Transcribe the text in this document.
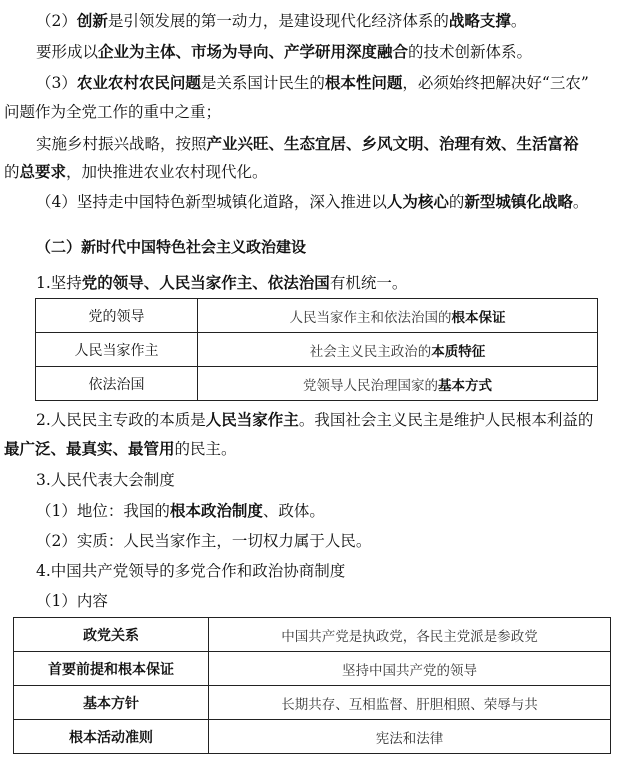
（2）创新是引领发展的第一动力，是建设现代化经济体系的战略支撑。
要形成以企业为主体、市场为导向、产学研用深度融合的技术创新体系。
（3）农业农村农民问题是关系国计民生的根本性问题，必须始终把解决好“三农”
问题作为全党工作的重中之重；
实施乡村振兴战略，按照产业兴旺、生态宜居、乡风文明、治理有效、生活富裕
的总要求，加快推进农业农村现代化。
（4）坚持走中国特色新型城镇化道路，深入推进以人为核心的新型城镇化战略。
（二）新时代中国特色社会主义政治建设
1.坚持党的领导、人民当家作主、依法治国有机统一。
党的领导	人民当家作主和依法治国的根本保证
人民当家作主	社会主义民主政治的本质特征
依法治国	党领导人民治理国家的基本方式
2.人民民主专政的本质是人民当家作主。我国社会主义民主是维护人民根本利益的
最广泛、最真实、最管用的民主。
3.人民代表大会制度
（1）地位：我国的根本政治制度、政体。
（2）实质：人民当家作主，一切权力属于人民。
4.中国共产党领导的多党合作和政治协商制度
（1）内容
政党关系	中国共产党是执政党，各民主党派是参政党
首要前提和根本保证	坚持中国共产党的领导
基本方针	长期共存、互相监督、肝胆相照、荣辱与共
根本活动准则	宪法和法律
